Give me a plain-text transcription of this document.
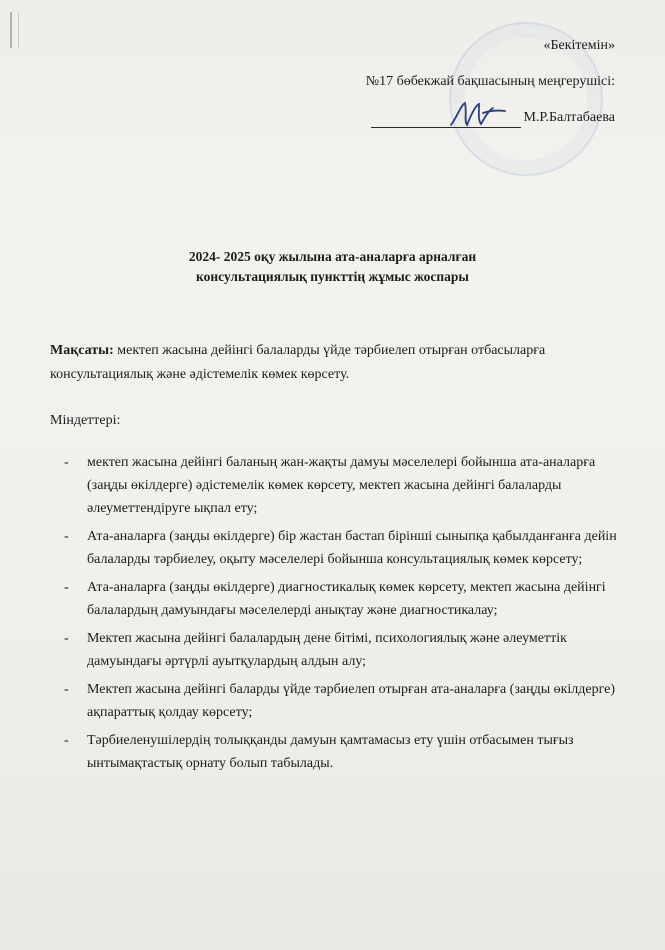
«Бекітемін»
№17 бөбекжай бақшасының меңгерушісі:
М.Р.Балтабаева
2024- 2025 оқу жылына ата-аналарға арналған
консультациялық пункттің жұмыс жоспары

Мақсаты: мектеп жасына дейінгі балаларды үйде тәрбиелеп отырған отбасыларға консультациялық және әдістемелік көмек көрсету.

Міндеттері:
- мектеп жасына дейінгі баланың жан-жақты дамуы мәселелері бойынша ата-аналарға (заңды өкілдерге) әдістемелік көмек көрсету, мектеп жасына дейінгі балаларды әлеуметтендіруге ықпал ету;
- Ата-аналарға (заңды өкілдерге) бір жастан бастап бірінші сыныпқа қабылданғанға дейін балаларды тәрбиелеу, оқыту мәселелері бойынша консультациялық көмек көрсету;
- Ата-аналарға (заңды өкілдерге) диагностикалық көмек көрсету, мектеп жасына дейінгі балалардың дамуындағы мәселелерді анықтау және диагностикалау;
- Мектеп жасына дейінгі балалардың дене бітімі, психологиялық және әлеуметтік дамуындағы әртүрлі ауытқулардың алдын алу;
- Мектеп жасына дейінгі баларды үйде тәрбиелеп отырған ата-аналарға (заңды өкілдерге) ақпараттық қолдау көрсету;
- Тәрбиеленушілердің толыққанды дамуын қамтамасыз ету үшін отбасымен тығыз ынтымақтастық орнату болып табылады.
